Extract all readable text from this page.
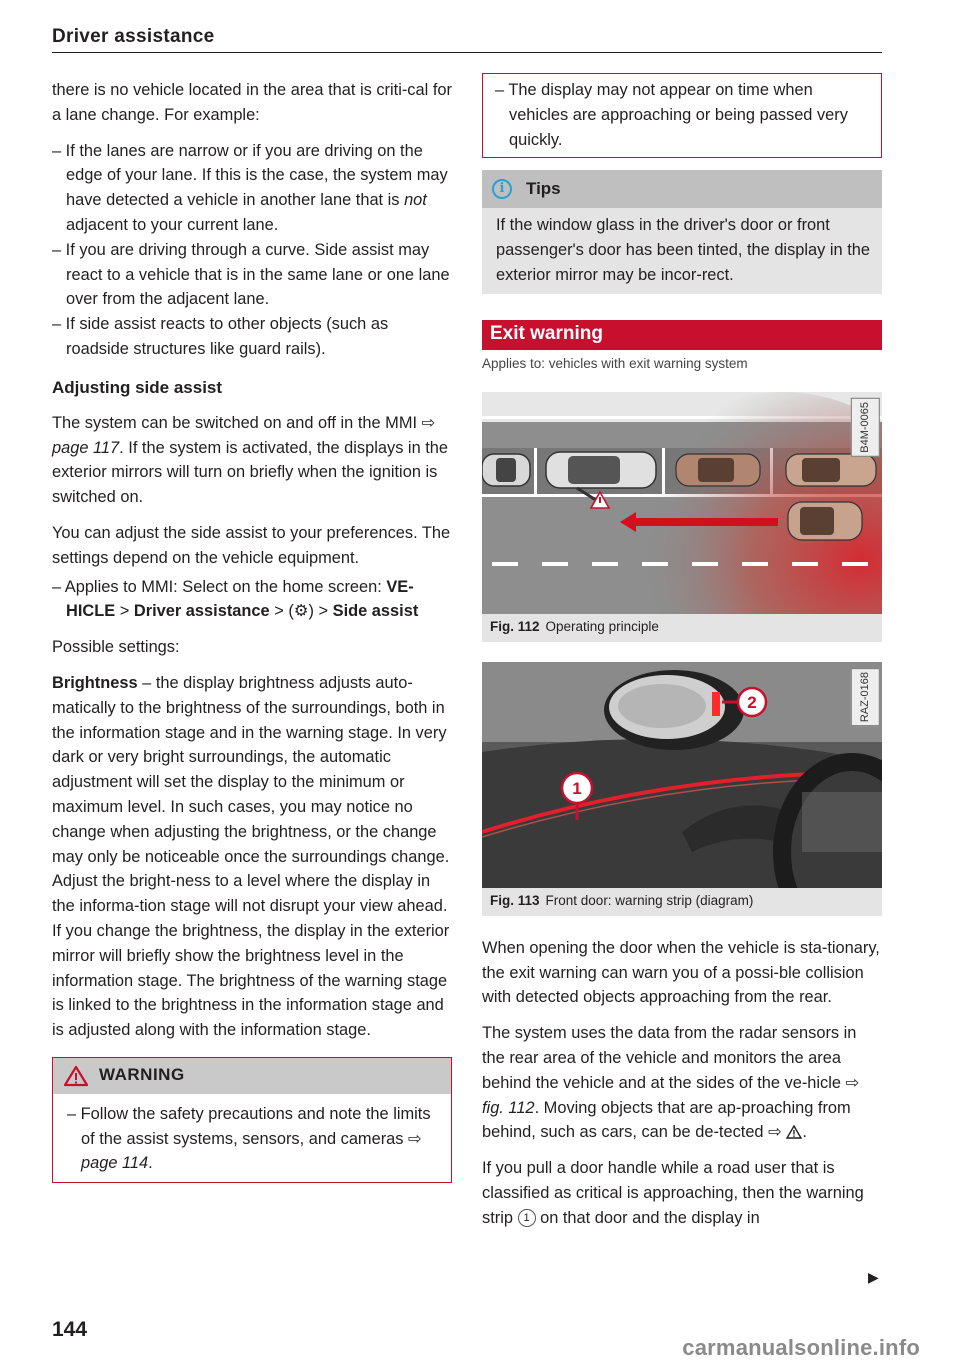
Driver assistance

there is no vehicle located in the area that is criti-cal for a lane change. For example:

– If the lanes are narrow or if you are driving on the edge of your lane. If this is the case, the system may have detected a vehicle in another lane that is not adjacent to your current lane.

– If you are driving through a curve. Side assist may react to a vehicle that is in the same lane or one lane over from the adjacent lane.

– If side assist reacts to other objects (such as roadside structures like guard rails).

Adjusting side assist

The system can be switched on and off in the MMI ⇨ page 117. If the system is activated, the displays in the exterior mirrors will turn on briefly when the ignition is switched on.

You can adjust the side assist to your preferences. The settings depend on the vehicle equipment.

– Applies to MMI: Select on the home screen: VE-HICLE > Driver assistance > (⚙) > Side assist

Possible settings:

Brightness – the display brightness adjusts auto-matically to the brightness of the surroundings, both in the information stage and in the warning stage. In very dark or very bright surroundings, the automatic adjustment will set the display to the minimum or maximum level. In such cases, you may notice no change when adjusting the brightness, or the change may only be noticeable once the surroundings change. Adjust the bright-ness to a level where the display in the informa-tion stage will not disrupt your view ahead. If you change the brightness, the display in the exterior mirror will briefly show the brightness level in the information stage. The brightness of the warning stage is linked to the brightness in the information stage and is adjusted along with the information stage.

WARNING

– Follow the safety precautions and note the limits of the assist systems, sensors, and cameras ⇨ page 114.

– The display may not appear on time when vehicles are approaching or being passed very quickly.

i	Tips

If the window glass in the driver's door or front passenger's door has been tinted, the display in the exterior mirror may be incor-rect.

Exit warning
Applies to: vehicles with exit warning system
B4M-0065
Fig. 112 Operating principle
1
2	RAZ-0168
Fig. 113 Front door: warning strip (diagram)

When opening the door when the vehicle is sta-tionary, the exit warning can warn you of a possi-ble collision with detected objects approaching from the rear.

The system uses the data from the radar sensors in the rear area of the vehicle and monitors the area behind the vehicle and at the sides of the ve-hicle ⇨ fig. 112. Moving objects that are ap-proaching from behind, such as cars, can be de-tected ⇨ .

If you pull a door handle while a road user that is classified as critical is approaching, then the warning strip 1 on that door and the display in

▶
144
carmanualsonline.info
